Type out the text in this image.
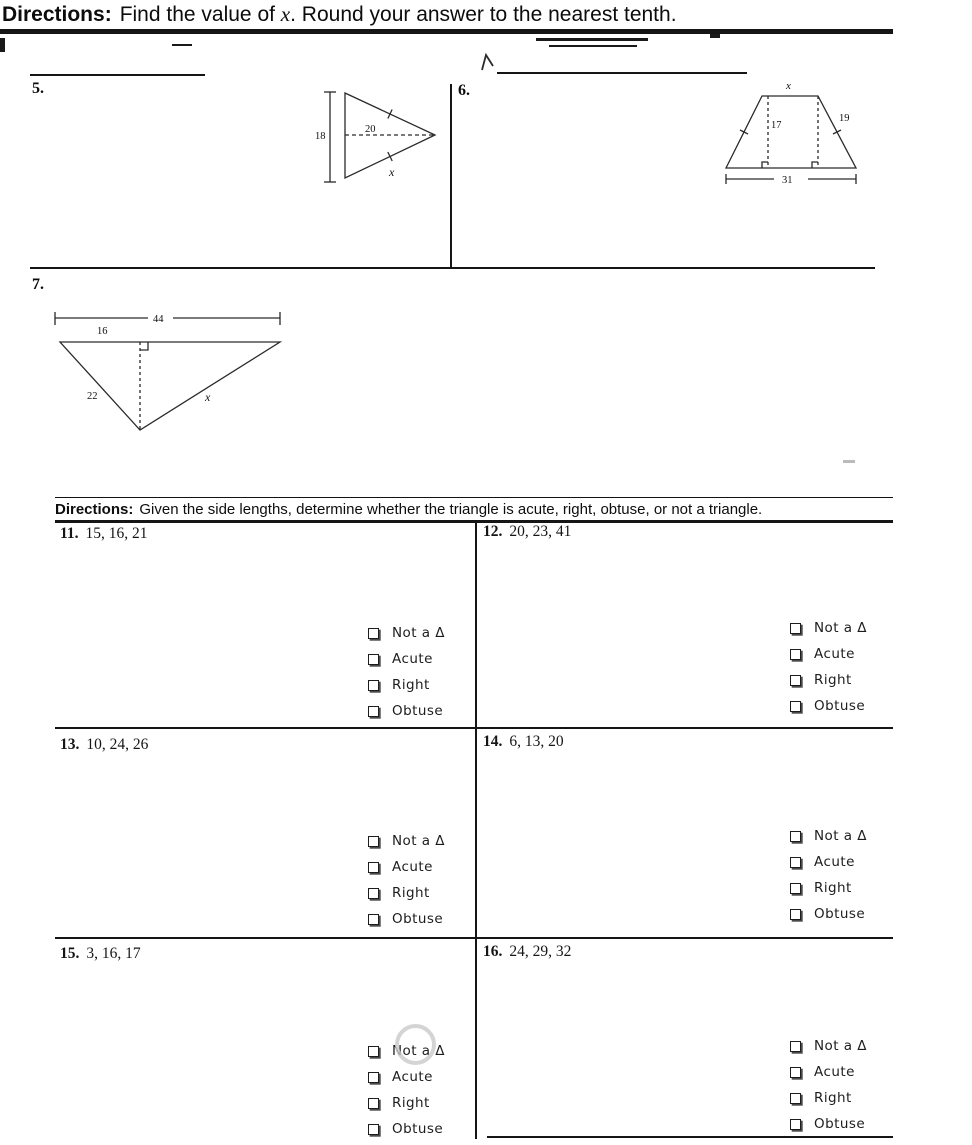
Directions: Find the value of x. Round your answer to the nearest tenth.
5.
18
20
x
6.	x
17
19
31
7.
44
16
22	x
Directions: Given the side lengths, determine whether the triangle is acute, right, obtuse, or not a triangle.
11. 15, 16, 21
Not a Δ
Acute
Right
Obtuse
12. 20, 23, 41
Not a Δ
Acute
Right
Obtuse
13. 10, 24, 26
Not a Δ
Acute
Right
Obtuse
14. 6, 13, 20
Not a Δ
Acute
Right
Obtuse
15. 3, 16, 17
Not a Δ
Acute
Right
Obtuse
16. 24, 29, 32
Not a Δ
Acute
Right
Obtuse
